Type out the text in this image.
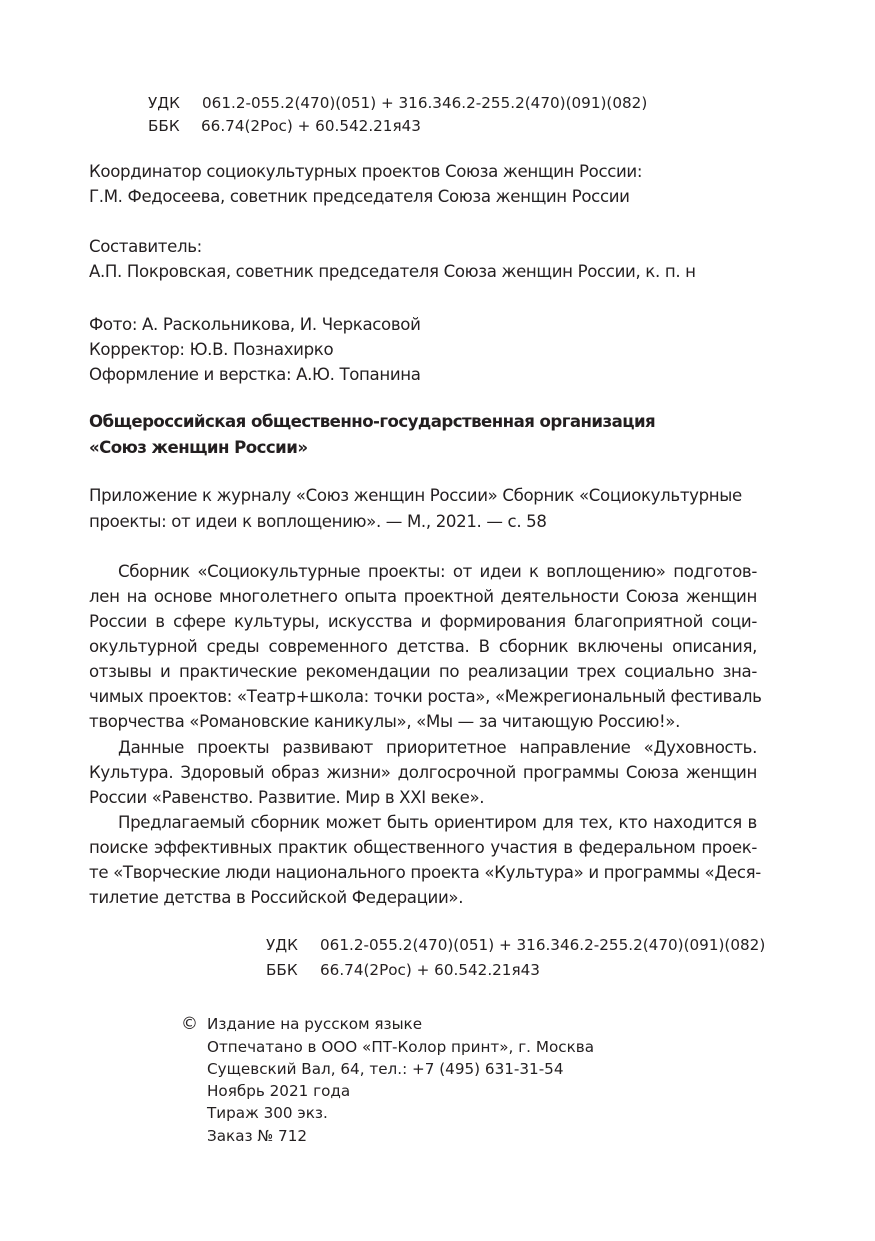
УДК 061.2-055.2(470)(051) + 316.346.2-255.2(470)(091)(082)
ББК 66.74(2Рос) + 60.542.21я43
Координатор социокультурных проектов Союза женщин России:
Г.М. Федосеева, советник председателя Союза женщин России
Составитель:
А.П. Покровская, советник председателя Союза женщин России, к. п. н
Фото: А. Раскольникова, И. Черкасовой
Корректор: Ю.В. Познахирко
Оформление и верстка: А.Ю. Топанина
Общероссийская общественно-государственная организация
«Союз женщин России»
Приложение к журналу «Союз женщин России» Сборник «Социокультурные
проекты: от идеи к воплощению». — М., 2021. — с. 58
Сборник «Социокультурные проекты: от идеи к воплощению» подготов-
лен на основе многолетнего опыта проектной деятельности Союза женщин
России в сфере культуры, искусства и формирования благоприятной соци-
окультурной среды современного детства. В сборник включены описания,
отзывы и практические рекомендации по реализации трех социально зна-
чимых проектов: «Театр+школа: точки роста», «Межрегиональный фестиваль
творчества «Романовские каникулы», «Мы — за читающую Россию!».
Данные проекты развивают приоритетное направление «Духовность.
Культура. Здоровый образ жизни» долгосрочной программы Союза женщин
России «Равенство. Развитие. Мир в XXI веке».
Предлагаемый сборник может быть ориентиром для тех, кто находится в
поиске эффективных практик общественного участия в федеральном проек-
те «Творческие люди национального проекта «Культура» и программы «Деся-
тилетие детства в Российской Федерации».
УДК 061.2-055.2(470)(051) + 316.346.2-255.2(470)(091)(082)
ББК 66.74(2Рос) + 60.542.21я43
© Издание на русском языке
Отпечатано в ООО «ПТ-Колор принт», г. Москва
Сущевский Вал, 64, тел.: +7 (495) 631-31-54
Ноябрь 2021 года
Тираж 300 экз.
Заказ № 712
